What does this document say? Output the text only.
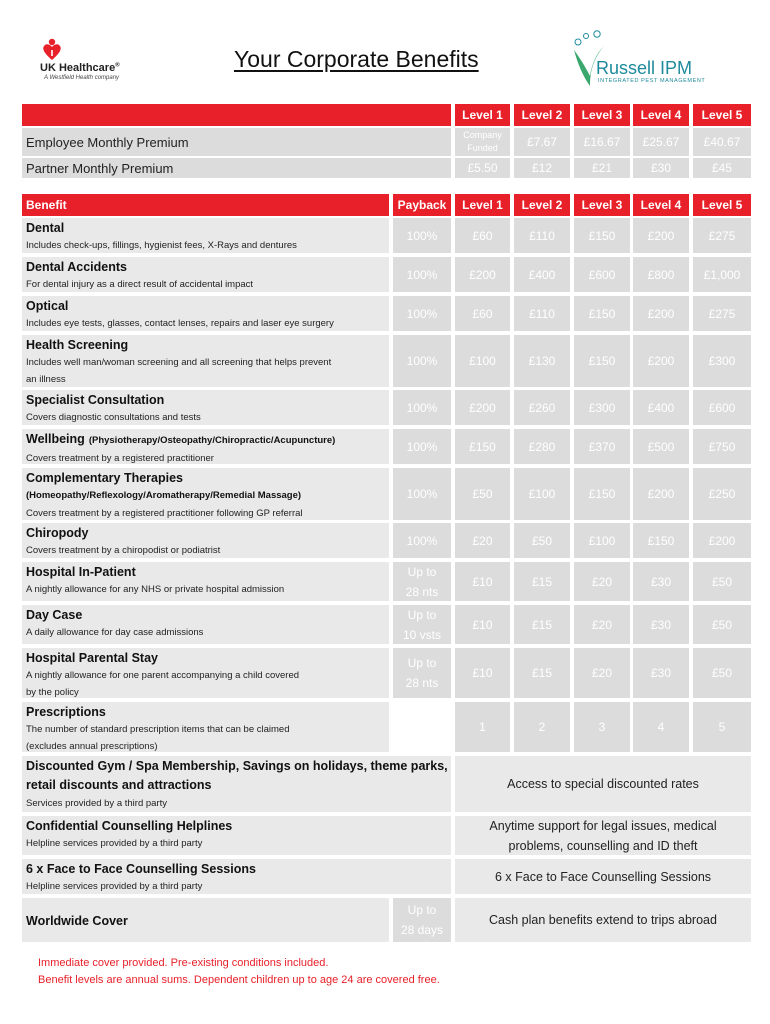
UK Healthcare®
A Westfield Health company
Your Corporate Benefits	Russell IPM
INTEGRATED PEST MANAGEMENT
Level 1	Level 2	Level 3	Level 4	Level 5
Employee Monthly Premium	Company
Funded	£7.67	£16.67	£25.67	£40.67
Partner Monthly Premium	£5.50	£12	£21	£30	£45
Benefit	Payback	Level 1	Level 2	Level 3	Level 4	Level 5
Dental
Includes check-ups, fillings, hygienist fees, X-Rays and dentures
100%	£60	£110	£150	£200	£275
Dental Accidents
For dental injury as a direct result of accidental impact
100%	£200	£400	£600	£800	£1,000
Optical
Includes eye tests, glasses, contact lenses, repairs and laser eye surgery
100%	£60	£110	£150	£200	£275
Health Screening
Includes well man/woman screening and all screening that helps prevent
an illness
100%	£100	£130	£150	£200	£300
Specialist Consultation
Covers diagnostic consultations and tests
100%	£200	£260	£300	£400	£600
Wellbeing (Physiotherapy/Osteopathy/Chiropractic/Acupuncture)
Covers treatment by a registered practitioner
100%	£150	£280	£370	£500	£750
Complementary Therapies
(Homeopathy/Reflexology/Aromatherapy/Remedial Massage)
Covers treatment by a registered practitioner following GP referral
100%	£50	£100	£150	£200	£250
Chiropody
Covers treatment by a chiropodist or podiatrist
100%	£20	£50	£100	£150	£200
Hospital In-Patient
A nightly allowance for any NHS or private hospital admission
Up to
28 nts
£10	£15	£20	£30	£50
Day Case
A daily allowance for day case admissions
Up to
10 vsts
£10	£15	£20	£30	£50
Hospital Parental Stay
A nightly allowance for one parent accompanying a child covered
by the policy
Up to
28 nts
£10	£15	£20	£30	£50
Prescriptions
The number of standard prescription items that can be claimed
(excludes annual prescriptions)
1	2	3	4	5
Discounted Gym / Spa Membership, Savings on holidays, theme parks,
retail discounts and attractions
Services provided by a third party
Access to special discounted rates
Confidential Counselling Helplines
Helpline services provided by a third party
Anytime support for legal issues, medical
problems, counselling and ID theft
6 x Face to Face Counselling Sessions
Helpline services provided by a third party
6 x Face to Face Counselling Sessions
Worldwide Cover
Up to
28 days
Cash plan benefits extend to trips abroad
Immediate cover provided. Pre-existing conditions included.
Benefit levels are annual sums. Dependent children up to age 24 are covered free.
